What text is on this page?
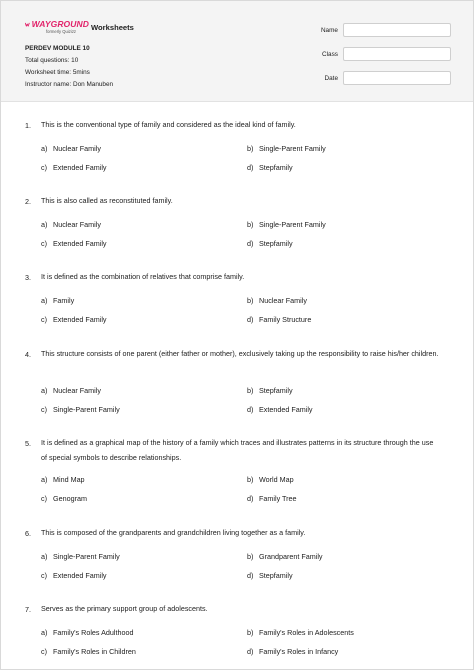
WAYGROUND
formerly Quizizz	Worksheets
PERDEV MODULE 10
Total questions: 10
Worksheet time: 5mins
Instructor name: Don Manuben
Name
Class
Date
1. This is the conventional type of family and considered as the ideal kind of family.
a) Nuclear Family	b) Single-Parent Family
c) Extended Family	d) Stepfamily
2. This is also called as reconstituted family.
a) Nuclear Family	b) Single-Parent Family
c) Extended Family	d) Stepfamily
3. It is defined as the combination of relatives that comprise family.
a) Family	b) Nuclear Family
c) Extended Family	d) Family Structure
4. This structure consists of one parent (either father or mother), exclusively taking up the responsibility to raise his/her children.
a) Nuclear Family	b) Stepfamily
c) Single-Parent Family	d) Extended Family
5. It is defined as a graphical map of the history of a family which traces and illustrates patterns in its structure through the use of special symbols to describe relationships.
a) Mind Map	b) World Map
c) Genogram	d) Family Tree
6. This is composed of the grandparents and grandchildren living together as a family.
a) Single-Parent Family	b) Grandparent Family
c) Extended Family	d) Stepfamily
7. Serves as the primary support group of adolescents.
a) Family's Roles Adulthood	b) Family's Roles in Adolescents
c) Family's Roles in Children	d) Family's Roles in Infancy
